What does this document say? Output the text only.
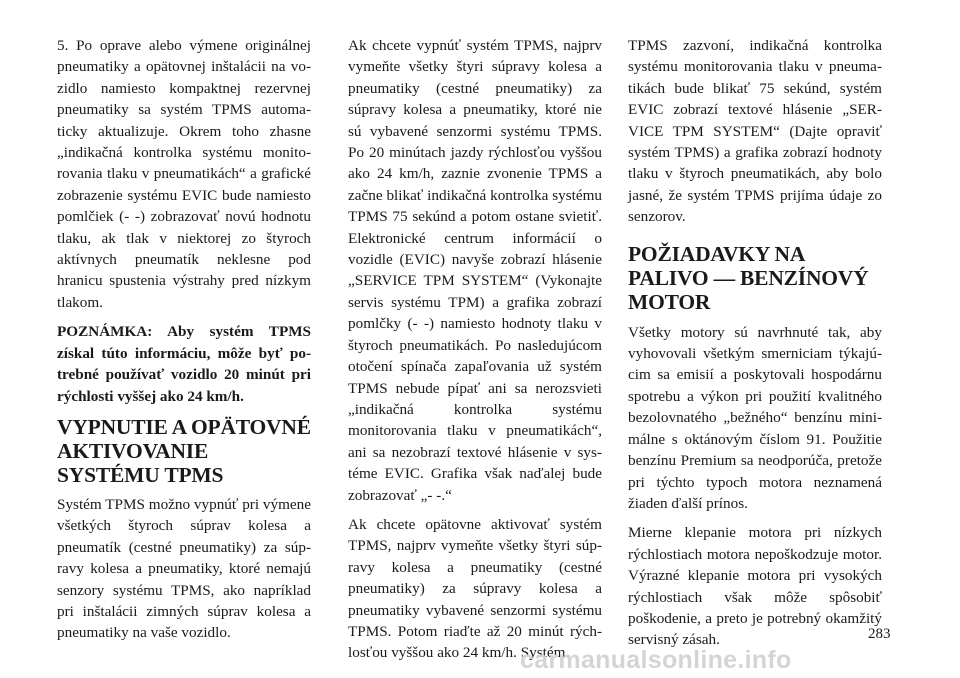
5. Po oprave alebo výmene originálnej pneumatiky a opätovnej inštalácii na vozidlo namiesto kompaktnej rezervnej pneumatiky sa systém TPMS automaticky aktualizuje. Okrem toho zhasne „indikačná kontrolka systému monitorovania tlaku v pneumatikách“ a grafické zobrazenie systému EVIC bude namiesto pomlčiek (- -) zobrazovať novú hodnotu tlaku, ak tlak v niektorej zo štyroch aktívnych pneumatík neklesne pod hranicu spustenia výstrahy pred nízkym tlakom.

POZNÁMKA: Aby systém TPMS získal túto informáciu, môže byť potrebné používať vozidlo 20 minút pri rýchlosti vyššej ako 24 km/h.

VYPNUTIE A OPÄTOVNÉ AKTIVOVANIE SYSTÉMU TPMS

Systém TPMS možno vypnúť pri výmene všetkých štyroch súprav kolesa a pneumatík (cestné pneumatiky) za súpravy kolesa a pneumatiky, ktoré nemajú senzory systému TPMS, ako napríklad pri inštalácii zimných súprav kolesa a pneumatiky na vaše vozidlo.

Ak chcete vypnúť systém TPMS, najprv vymeňte všetky štyri súpravy kolesa a pneumatiky (cestné pneumatiky) za súpravy kolesa a pneumatiky, ktoré nie sú vybavené senzormi systému TPMS. Po 20 minútach jazdy rýchlosťou vyššou ako 24 km/h, zaznie zvonenie TPMS a začne blikať indikačná kontrolka systému TPMS 75 sekúnd a potom ostane svietiť. Elektronické centrum informácií o vozidle (EVIC) navyše zobrazí hlásenie „SERVICE TPM SYSTEM“ (Vykonajte servis systému TPM) a grafika zobrazí pomlčky (- -) namiesto hodnoty tlaku v štyroch pneumatikách. Po nasledujúcom otočení spínača zapaľovania už systém TPMS nebude pípať ani sa nerozsvieti „indikačná kontrolka systému monitorovania tlaku v pneumatikách“, ani sa nezobrazí textové hlásenie v systéme EVIC. Grafika však naďalej bude zobrazovať „- -.“

Ak chcete opätovne aktivovať systém TPMS, najprv vymeňte všetky štyri súpravy kolesa a pneumatiky (cestné pneumatiky) za súpravy kolesa a pneumatiky vybavené senzormi systému TPMS. Potom riaďte až 20 minút rýchlosťou vyššou ako 24 km/h. Systém

TPMS zazvoní, indikačná kontrolka systému monitorovania tlaku v pneumatikách bude blikať 75 sekúnd, systém EVIC zobrazí textové hlásenie „SERVICE TPM SYSTEM“ (Dajte opraviť systém TPMS) a grafika zobrazí hodnoty tlaku v štyroch pneumatikách, aby bolo jasné, že systém TPMS prijíma údaje zo senzorov.

POŽIADAVKY NA PALIVO — BENZÍNOVÝ MOTOR

Všetky motory sú navrhnuté tak, aby vyhovovali všetkým smerniciam týkajúcim sa emisií a poskytovali hospodárnu spotrebu a výkon pri použití kvalitného bezolovnatého „bežného“ benzínu minimálne s oktánovým číslom 91. Použitie benzínu Premium sa neodporúča, pretože pri týchto typoch motora neznamená žiaden ďalší prínos.

Mierne klepanie motora pri nízkych rýchlostiach motora nepoškodzuje motor. Výrazné klepanie motora pri vysokých rýchlostiach však môže spôsobiť poškodenie, a preto je potrebný okamžitý servisný zásah.	283
carmanualsonline.info
